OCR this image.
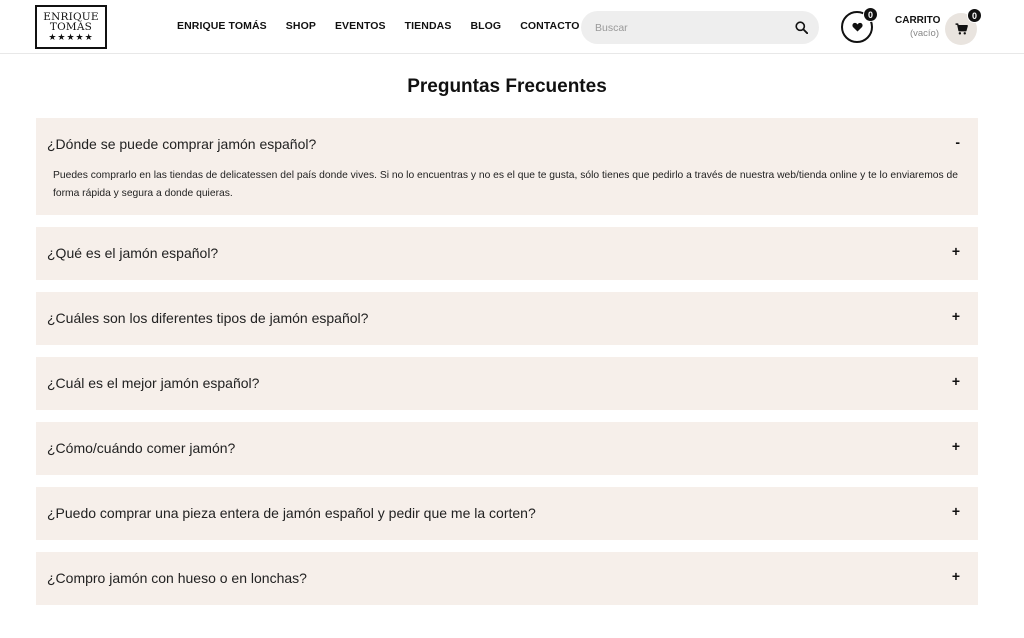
ENRIQUE
TOMÁS
★★★★★
ENRIQUE TOMÁS SHOP EVENTOS TIENDAS BLOG CONTACTO
Buscar
0
CARRITO
(vacío)
0
Preguntas Frecuentes
¿Dónde se puede comprar jamón español?	-

Puedes comprarlo en las tiendas de delicatessen del país donde vives. Si no lo encuentras y no es el que te gusta, sólo tienes que pedirlo a través de nuestra web/tienda online y te lo enviaremos de forma rápida y segura a donde quieras.

¿Qué es el jamón español?	+
¿Cuáles son los diferentes tipos de jamón español?	+
¿Cuál es el mejor jamón español?	+
¿Cómo/cuándo comer jamón?	+
¿Puedo comprar una pieza entera de jamón español y pedir que me la corten?	+
¿Compro jamón con hueso o en lonchas?	+
